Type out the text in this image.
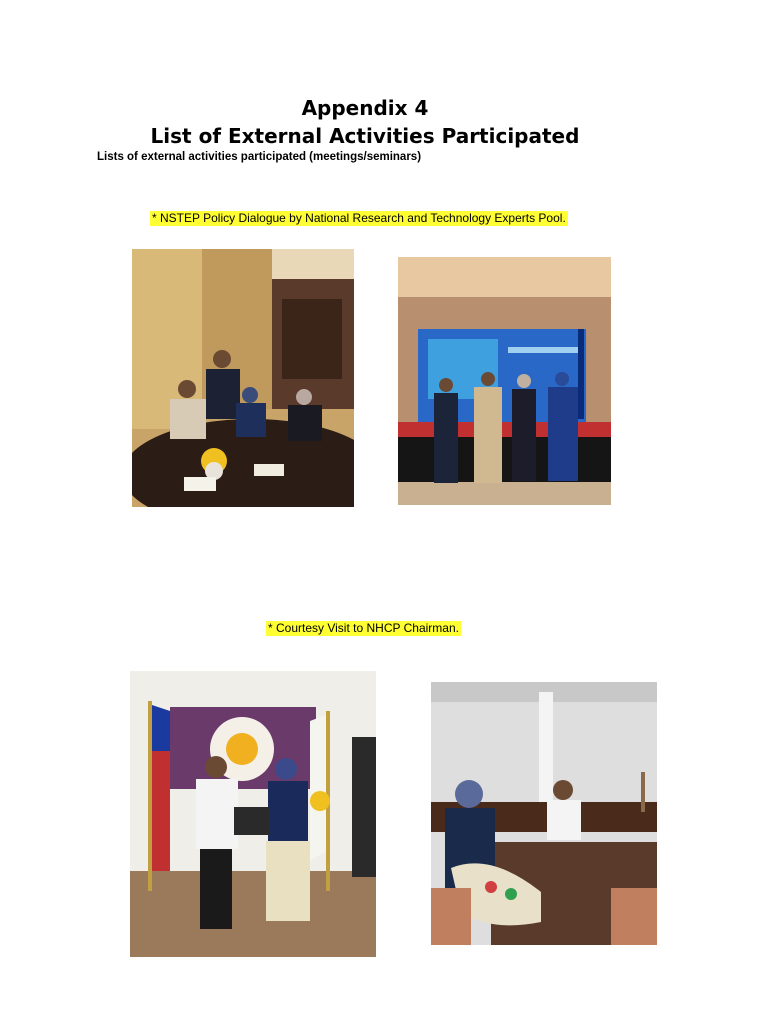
Appendix 4
List of External Activities Participated
Lists of external activities participated (meetings/seminars)
* NSTEP Policy Dialogue by National Research and Technology Experts Pool.
* Courtesy Visit to NHCP Chairman.
